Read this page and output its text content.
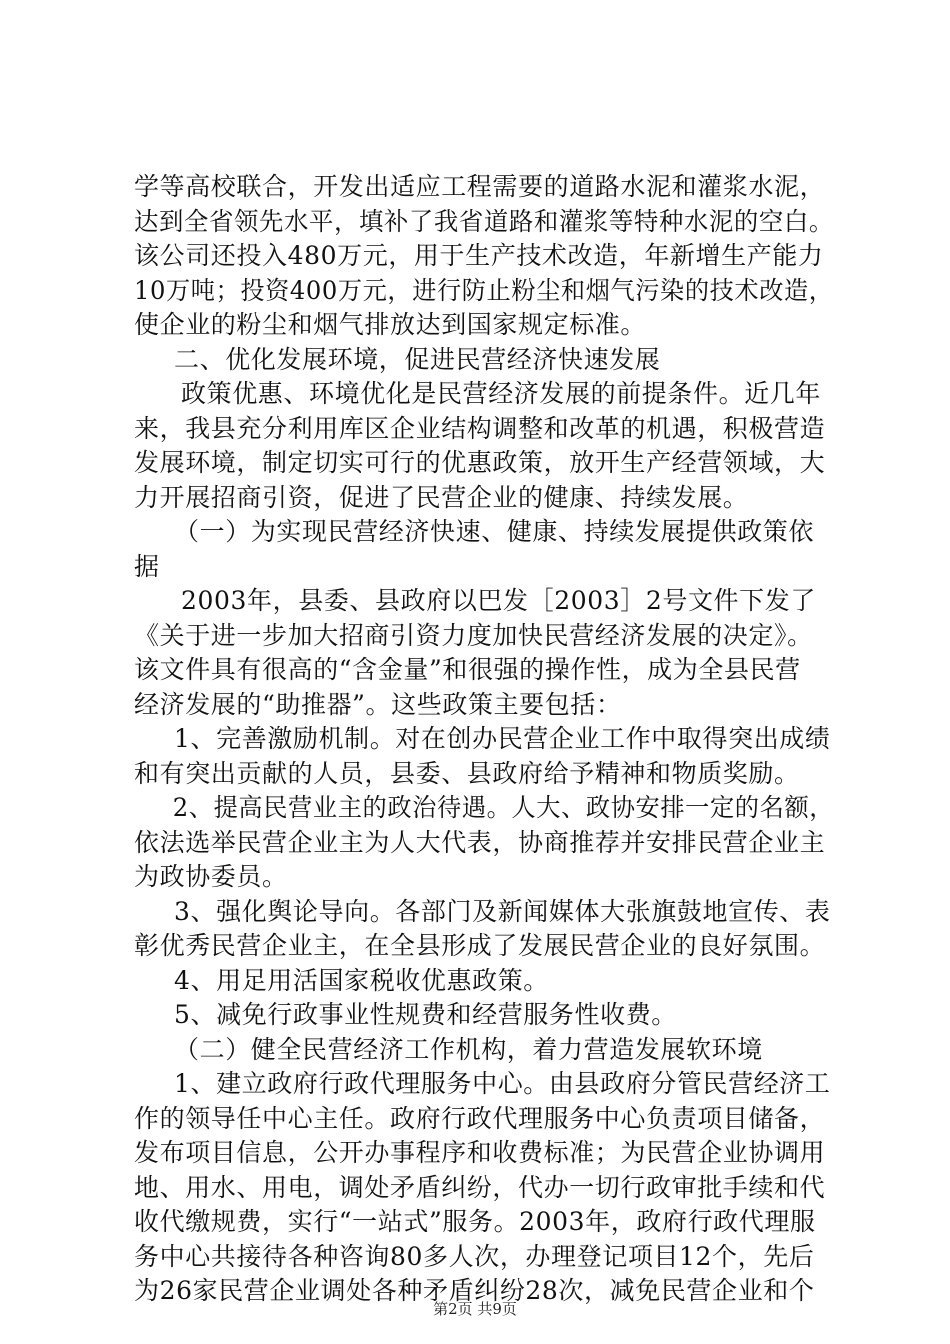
学等高校联合，开发出适应工程需要的道路水泥和灌浆水泥，
达到全省领先水平，填补了我省道路和灌浆等特种水泥的空白。
该公司还投入480万元，用于生产技术改造，年新增生产能力
10万吨；投资400万元，进行防止粉尘和烟气污染的技术改造，
使企业的粉尘和烟气排放达到国家规定标准。
二、优化发展环境，促进民营经济快速发展
政策优惠、环境优化是民营经济发展的前提条件。近几年
来，我县充分利用库区企业结构调整和改革的机遇，积极营造
发展环境，制定切实可行的优惠政策，放开生产经营领域，大
力开展招商引资，促进了民营企业的健康、持续发展。
（一）为实现民营经济快速、健康、持续发展提供政策依
据
2003年，县委、县政府以巴发［2003］2号文件下发了
《关于进一步加大招商引资力度加快民营经济发展的决定》。
该文件具有很高的“含金量”和很强的操作性，成为全县民营
经济发展的“助推器”。这些政策主要包括：
1、完善激励机制。对在创办民营企业工作中取得突出成绩
和有突出贡献的人员，县委、县政府给予精神和物质奖励。
2、提高民营业主的政治待遇。人大、政协安排一定的名额，
依法选举民营企业主为人大代表，协商推荐并安排民营企业主
为政协委员。
3、强化舆论导向。各部门及新闻媒体大张旗鼓地宣传、表
彰优秀民营企业主，在全县形成了发展民营企业的良好氛围。
4、用足用活国家税收优惠政策。
5、减免行政事业性规费和经营服务性收费。
（二）健全民营经济工作机构，着力营造发展软环境
1、建立政府行政代理服务中心。由县政府分管民营经济工
作的领导任中心主任。政府行政代理服务中心负责项目储备，
发布项目信息，公开办事程序和收费标准；为民营企业协调用
地、用水、用电，调处矛盾纠纷，代办一切行政审批手续和代
收代缴规费，实行“一站式”服务。2003年，政府行政代理服
务中心共接待各种咨询80多人次，办理登记项目12个，先后
为26家民营企业调处各种矛盾纠纷28次，减免民营企业和个
第2页 共9页
